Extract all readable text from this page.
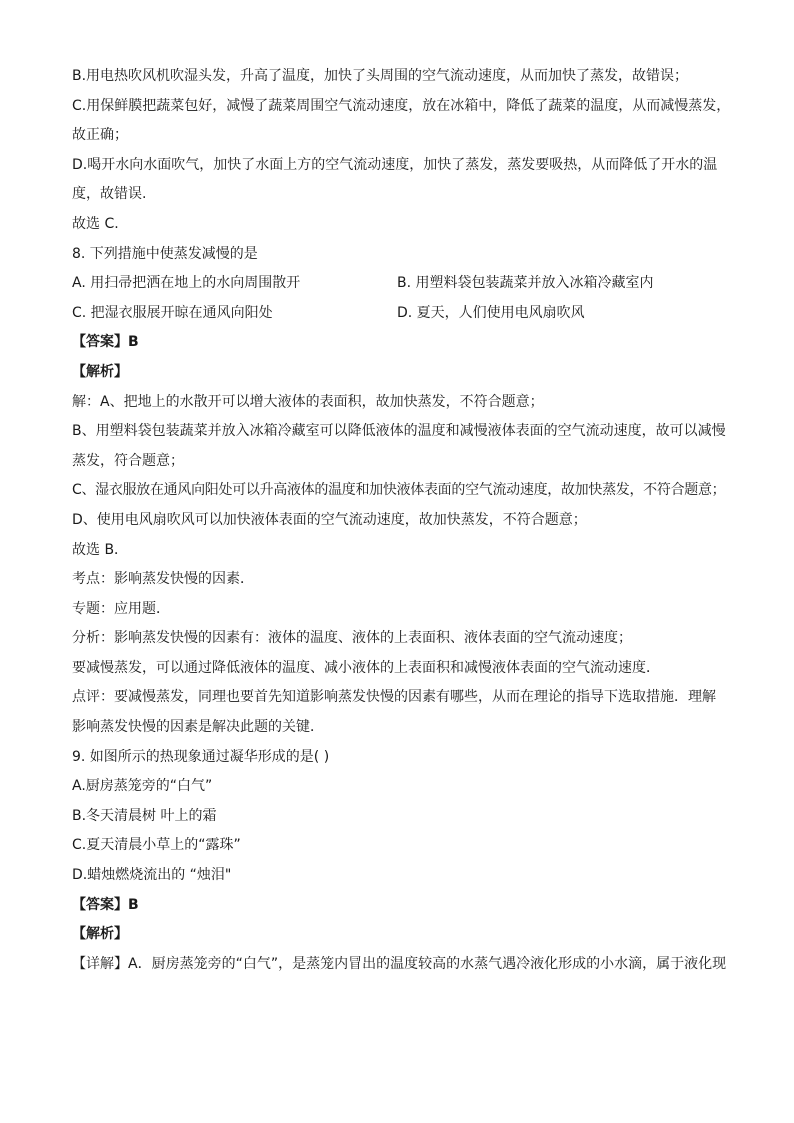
B.用电热吹风机吹湿头发，升高了温度，加快了头周围的空气流动速度，从而加快了蒸发，故错误；
C.用保鲜膜把蔬菜包好，减慢了蔬菜周围空气流动速度，放在冰箱中，降低了蔬菜的温度，从而减慢蒸发，
故正确；
D.喝开水向水面吹气，加快了水面上方的空气流动速度，加快了蒸发，蒸发要吸热，从而降低了开水的温
度，故错误.
故选 C.
8. 下列措施中使蒸发减慢的是
A. 用扫帚把洒在地上的水向周围散开	B. 用塑料袋包装蔬菜并放入冰箱冷藏室内
C. 把湿衣服展开晾在通风向阳处	D. 夏天，人们使用电风扇吹风
【答案】B
【解析】
解：A、把地上的水散开可以增大液体的表面积，故加快蒸发，不符合题意；
B、用塑料袋包装蔬菜并放入冰箱冷藏室可以降低液体的温度和减慢液体表面的空气流动速度，故可以减慢
蒸发，符合题意；
C、湿衣服放在通风向阳处可以升高液体的温度和加快液体表面的空气流动速度，故加快蒸发，不符合题意；
D、使用电风扇吹风可以加快液体表面的空气流动速度，故加快蒸发，不符合题意；
故选 B．
考点：影响蒸发快慢的因素．
专题：应用题．
分析：影响蒸发快慢的因素有：液体的温度、液体的上表面积、液体表面的空气流动速度；
要减慢蒸发，可以通过降低液体的温度、减小液体的上表面积和减慢液体表面的空气流动速度．
点评：要减慢蒸发，同理也要首先知道影响蒸发快慢的因素有哪些，从而在理论的指导下选取措施．理解
影响蒸发快慢的因素是解决此题的关键．
9. 如图所示的热现象通过凝华形成的是( )
A.厨房蒸笼旁的“白气”
B.冬天清晨树 叶上的霜
C.夏天清晨小草上的“露珠”
D.蜡烛燃烧流出的 “烛泪"
【答案】B
【解析】
【详解】A．厨房蒸笼旁的“白气”，是蒸笼内冒出的温度较高的水蒸气遇冷液化形成的小水滴，属于液化现
